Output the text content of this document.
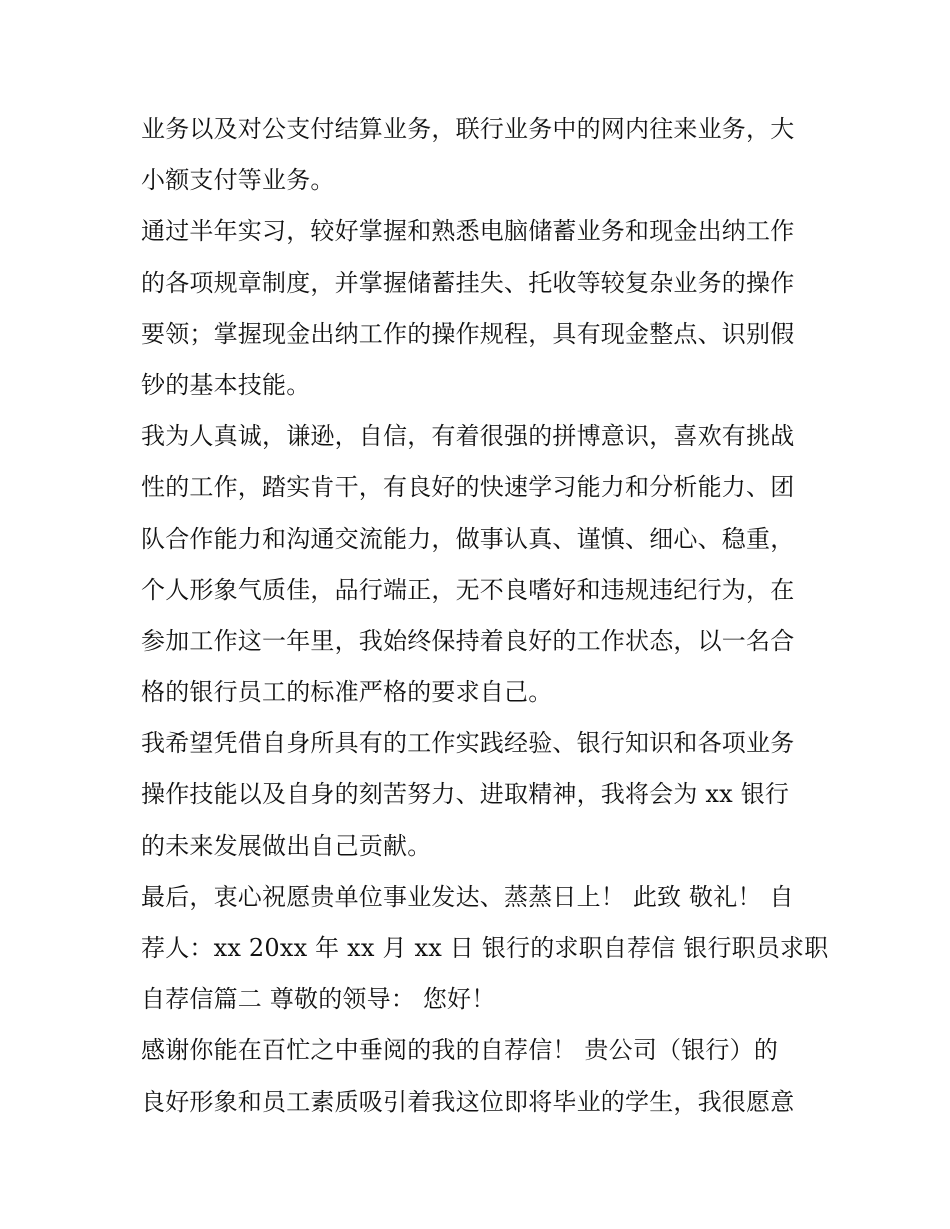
业务以及对公支付结算业务，联行业务中的网内往来业务，大
小额支付等业务。
通过半年实习，较好掌握和熟悉电脑储蓄业务和现金出纳工作
的各项规章制度，并掌握储蓄挂失、托收等较复杂业务的操作
要领；掌握现金出纳工作的操作规程，具有现金整点、识别假
钞的基本技能。
我为人真诚，谦逊，自信，有着很强的拼博意识，喜欢有挑战
性的工作，踏实肯干，有良好的快速学习能力和分析能力、团
队合作能力和沟通交流能力，做事认真、谨慎、细心、稳重，
个人形象气质佳，品行端正，无不良嗜好和违规违纪行为，在
参加工作这一年里，我始终保持着良好的工作状态，以一名合
格的银行员工的标准严格的要求自己。
我希望凭借自身所具有的工作实践经验、银行知识和各项业务
操作技能以及自身的刻苦努力、进取精神，我将会为 xx 银行
的未来发展做出自己贡献。
最后，衷心祝愿贵单位事业发达、蒸蒸日上！ 此致 敬礼！ 自
荐人：xx 20xx 年 xx 月 xx 日 银行的求职自荐信 银行职员求职
自荐信篇二 尊敬的领导： 您好！
感谢你能在百忙之中垂阅的我的自荐信！ 贵公司（银行）的
良好形象和员工素质吸引着我这位即将毕业的学生，我很愿意
